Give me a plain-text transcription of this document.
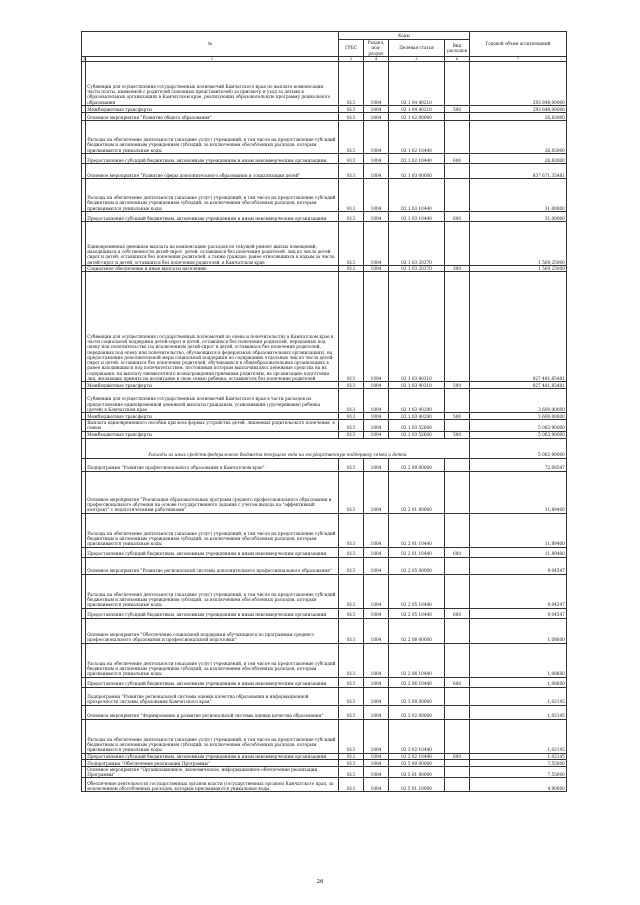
№		Коды				Годовой объем ассигнований
		ГРБС	Раздел, под-раздел	Целевая статья	Вид расходов	
1	2	3	4	5	6	7
	Субвенции для осуществления государственных полномочий Камчатского края по выплате компенсации части платы, взимаемой с родителей (законных представителей) за присмотр и уход за детьми в образовательных организациях в Камчатском крае, реализующих образовательную программу дошкольного образования	813	1004	02 1 04 40210		293 848,00000
	Межбюджетные трансферты	813	1004	02 1 04 40210	500	293 848,00000
	Основное мероприятие "Развитие общего образования"	813	1004	02 1 02 00000		26,83000
	Расходы на обеспечение деятельности (оказание услуг) учреждений, в том числе на предоставление субсидий бюджетным и автономным учреждениям субсидий, за исключением обособленных расходов, которым присваиваются уникальные коды	813	1004	02 1 02 10440		26,83000
	Предоставление субсидий бюджетным, автономным учреждениям и иным некоммерческим организациям	813	1004	02 1 02 10440	600	26,83000
	Основное мероприятие "Развитие сферы дополнительного образования и социализации детей"	813	1004	02 1 03 00000		837 671,35481
	Расходы на обеспечение деятельности (оказание услуг) учреждений, в том числе на предоставление субсидий бюджетным и автономным учреждениям субсидий, за исключением обособленных расходов, которым присваиваются уникальные коды	813	1004	02 1 03 10440		31,00000
	Предоставление субсидий бюджетным, автономным учреждениям и иным некоммерческим организациям	813	1004	02 1 03 10440	600	31,00000
	Единовременная денежная выплата на компенсацию расходов по текущей ремонт жилых помещений, находящихся в собственности детей-сирот, детей, оставшихся без попечения родителей, лиц из числа детей-сирот и детей, оставшихся без попечения родителей, а также граждан, ранее относившихся к кадым за числа детей-сирот и детей, оставшихся без попечения родителей, в Камчатском крае	813	1004	02 1 03 20370		1 569,25000
	Социальное обеспечение и иные выплаты населению	813	1004	02 1 03 20370	300	1 569,25000
	Субвенции для осуществления государственных полномочий по опеке и попечительству в Камчатском крае в части социальной поддержки детей-сирот и детей, оставшихся без попечения родителей, переданных под опеку или попечительство (за исключением детей-сирот и детей, оставшихся без попечения родителей, переданных под опеку или попечительство, обучающихся в федеральных образовательных организациях), на предоставление дополнительной меры социальной поддержки по содержанию отдельных лиц из числа детей-сирот и детей, оставшихся без попечения родителей, обучающихся в общеобразовательных организациях в ранее находившихся под попечительством, постоянным которым выплачивались денежные средства на их содержание, на выплату ежемесячного вознаграждения приемным родителям, на организацию подготовки лиц, желающих принять на воспитание в свою семью ребенка, оставшегося без попечения родителей	813	1004	02 1 03 40310		827 481,85481
	Межбюджетные трансферты	813	1004	02 1 03 40310	500	827 481,85481
	Субвенции для осуществления государственных полномочий Камчатского края в части расходов на предоставление единовременной денежной выплаты гражданам, усыновившим (удочерившим) ребенка (детей) в Камчатском крае	813	1004	02 1 03 40290		3 600,00000
	Межбюджетные трансферты	813	1004	02 1 03 40290	500	3 600,00000
	Выплата единовременного пособия при всех формах устройства детей, лишенных родительского попечения, в семью	813	1004	02 1 03 52600		5 063,90000
	Межбюджетные трансферты	813	1004	02 1 03 52600	500	5 063,90000
	Расходы из иных средств федерального бюджета текущего года на государственную поддержку семей и детей					5 063,90000
	Подпрограмма "Развитие профессионального образования в Камчатском крае"	813	1004	02 2 00 00000		72,08547
	Основное мероприятие "Реализация образовательных программ среднего профессионального образования и профессионального обучения на основе государственного задания с учетом выхода на "эффективный контракт" с педагогическими работниками"	813	1004	02 2 01 00000		11,89400
	Расходы на обеспечение деятельности (оказание услуг) учреждений, в том числе на предоставление субсидий бюджетным и автономным учреждениям субсидий, за исключением обособленных расходов, которым присваиваются уникальные коды	813	1004	02 2 01 10440		11,89400
	Предоставление субсидий бюджетным, автономным учреждениям и иным некоммерческим организациям	813	1004	02 2 01 10440	600	11,89400
	Основное мероприятие "Развитие региональной системы дополнительного профессионального образования"	813	1004	02 2 05 00000		9,04547
	Расходы на обеспечение деятельности (оказание услуг) учреждений, в том числе на предоставление субсидий бюджетным и автономным учреждениям субсидий, за исключением обособленных расходов, которым присваиваются уникальные коды	813	1004	02 2 05 10440		9,04547
	Предоставление субсидий бюджетным, автономным учреждениям и иным некоммерческим организациям	813	1004	02 2 05 10440	600	9,04547
	Основное мероприятие "Обеспечение социальной поддержки обучающихся по программам среднего профессионального образования и профессиональной подготовки"	813	1004	02 2 06 00000		1,08600
	Расходы на обеспечение деятельности (оказание услуг) учреждений, в том числе на предоставление субсидий бюджетным и автономным учреждениям субсидий, за исключением обособленных расходов, которым присваиваются уникальные коды	813	1004	02 2 06 10440		1,08600
	Предоставление субсидий бюджетным, автономным учреждениям и иным некоммерческим организациям	813	1004	02 2 06 10440	600	1,08600
	Подпрограмма "Развитие региональной системы оценки качества образования и информационной прозрачности системы образования Камчатского края"	813	1004	02 3 00 00000		1,02145
	Основное мероприятие "Формирование и развитие региональной системы оценки качества образования"	813	1004	02 3 02 00000		1,02145
	Расходы на обеспечение деятельности (оказание услуг) учреждений, в том числе на предоставление субсидий бюджетным и автономным учреждениям субсидий, за исключением обособленных расходов, которым присваиваются уникальные коды	813	1004	02 3 02 10440		1,02145
	Предоставление субсидий бюджетным, автономным учреждениям и иным некоммерческим организациям	813	1004	02 3 02 10440	600	1,02145
	Подпрограмма "Обеспечение реализации Программы"	813	1004	02 5 00 00000		7,55000
	Основное мероприятие "Организационное, экономическое, информационное обеспечение реализации Программы"	813	1004	02 5 01 00000		7,55000
	Обеспечение деятельности государственных органов власти (государственных органов) Камчатского края, за исключением обособленных расходов, которым присваиваются уникальные коды	813	1004	02 5 01 10000		4,90000
26
